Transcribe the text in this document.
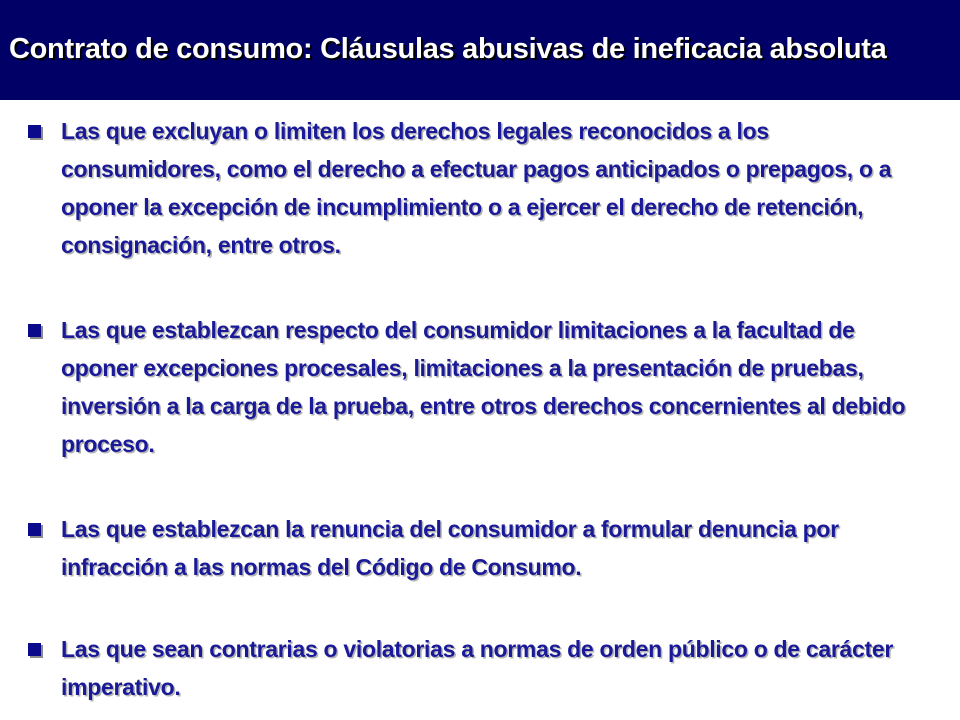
Contrato de consumo: Cláusulas abusivas de ineficacia absoluta

Las que excluyan o limiten los derechos legales reconocidos a los consumidores, como el derecho a efectuar pagos anticipados o prepagos, o a oponer la excepción de incumplimiento o a ejercer el derecho de retención, consignación, entre otros.

Las que establezcan respecto del consumidor limitaciones a la facultad de oponer excepciones procesales, limitaciones a la presentación de pruebas, inversión a la carga de la prueba, entre otros derechos concernientes al debido proceso.

Las que establezcan la renuncia del consumidor a formular denuncia por infracción a las normas del Código de Consumo.

Las que sean contrarias o violatorias a normas de orden público o de carácter imperativo.
